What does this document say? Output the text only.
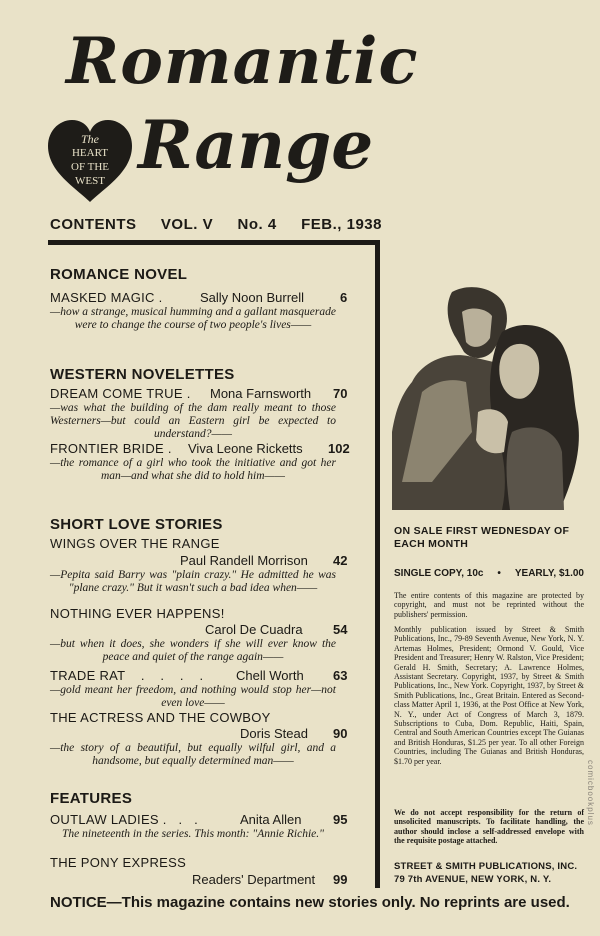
Romantic
Range
The
HEART
OF THE
WEST
CONTENTS VOL. V No. 4 FEB., 1938
ROMANCE NOVEL
MASKED MAGIC .	Sally Noon Burrell	6
—how a strange, musical humming and a gallant masquerade were to change the course of two people's lives——
WESTERN NOVELETTES
DREAM COME TRUE . Mona Farnsworth 70
—was what the building of the dam really meant to those Westerners—but could an Eastern girl be expected to understand?——
FRONTIER BRIDE . Viva Leone Ricketts 102
—the romance of a girl who took the initiative and got her man—and what she did to hold him——
SHORT LOVE STORIES
WINGS OVER THE RANGE
Paul Randell Morrison 42
—Pepita said Barry was "plain crazy." He admitted he was "plane crazy." But it wasn't such a bad idea when——
NOTHING EVER HAPPENS!
Carol De Cuadra 54
—but when it does, she wonders if she will ever know the peace and quiet of the range again——
TRADE RAT    .    .    .    .	Chell Worth 63
—gold meant her freedom, and nothing would stop her—not even love——
THE ACTRESS AND THE COWBOY
Doris Stead 90
—the story of a beautiful, but equally wilful girl, and a handsome, but equally determined man——
FEATURES
OUTLAW LADIES .   .   .	Anita Allen 95
The nineteenth in the series. This month: "Annie Richie."
THE PONY EXPRESS
Readers' Department 99
ON SALE FIRST WEDNESDAY OF EACH MONTH
SINGLE COPY, 10c • YEARLY, $1.00
The entire contents of this magazine are protected by copyright, and must not be reprinted without the publishers' permission.
Monthly publication issued by Street & Smith Publications, Inc., 79-89 Seventh Avenue, New York, N. Y. Artemas Holmes, President; Ormond V. Gould, Vice President and Treasurer; Henry W. Ralston, Vice President; Gerald H. Smith, Secretary; A. Lawrence Holmes, Assistant Secretary. Copyright, 1937, by Street & Smith Publications, Inc., New York. Copyright, 1937, by Street & Smith Publications, Inc., Great Britain. Entered as Second-class Matter April 1, 1936, at the Post Office at New York, N. Y., under Act of Congress of March 3, 1879. Subscriptions to Cuba, Dom. Republic, Haiti, Spain, Central and South American Countries except The Guianas and British Honduras, $1.25 per year. To all other Foreign Countries, including The Guianas and British Honduras, $1.70 per year.
We do not accept responsibility for the return of unsolicited manuscripts. To facilitate handling, the author should inclose a self-addressed envelope with the requisite postage attached.
STREET & SMITH PUBLICATIONS, INC.
79 7th AVENUE, NEW YORK, N. Y.
NOTICE—This magazine contains new stories only. No reprints are used.
comicbookplus
